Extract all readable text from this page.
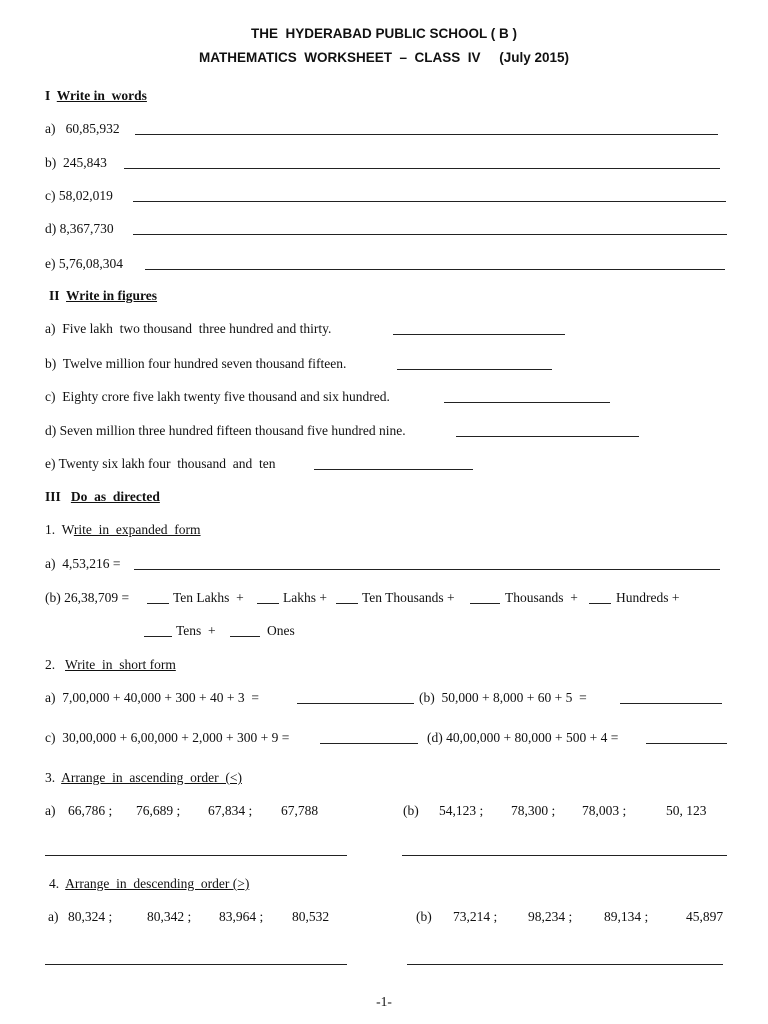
THE  HYDERABAD PUBLIC SCHOOL ( B )
MATHEMATICS  WORKSHEET  –  CLASS  IV     (July 2015)
I Write in  words
a) 60,85,932
b) 245,843
c) 58,02,019
d) 8,367,730
e) 5,76,08,304
II Write in figures
a) Five lakh  two thousand  three hundred and thirty.
b) Twelve million four hundred seven thousand fifteen.
c) Eighty crore five lakh twenty five thousand and six hundred.
d) Seven million three hundred fifteen thousand five hundred nine.
e) Twenty six lakh four  thousand  and  ten
III Do  as  directed
1. Write  in  expanded  form
a)  4,53,216 =
(b) 26,38,709 =	Ten Lakhs  +	Lakhs +	Ten Thousands +	Thousands  +	Hundreds +
Tens  +	Ones
2. Write  in  short form
a)  7,00,000 + 40,000 + 300 + 40 + 3  =	(b)  50,000 + 8,000 + 60 + 5  =
c)  30,00,000 + 6,00,000 + 2,000 + 300 + 9 =	(d) 40,00,000 + 80,000 + 500 + 4 =
3. Arrange  in  ascending  order  (<)
a) 66,786 ; 76,689 ; 67,834 ; 67,788	(b) 54,123 ; 78,300 ; 78,003 ;	50, 123
4. Arrange  in  descending  order (>)
a) 80,324 ;	80,342 ; 83,964 ; 80,532	(b) 73,214 ; 98,234 ; 89,134 ;	45,897
-1-
